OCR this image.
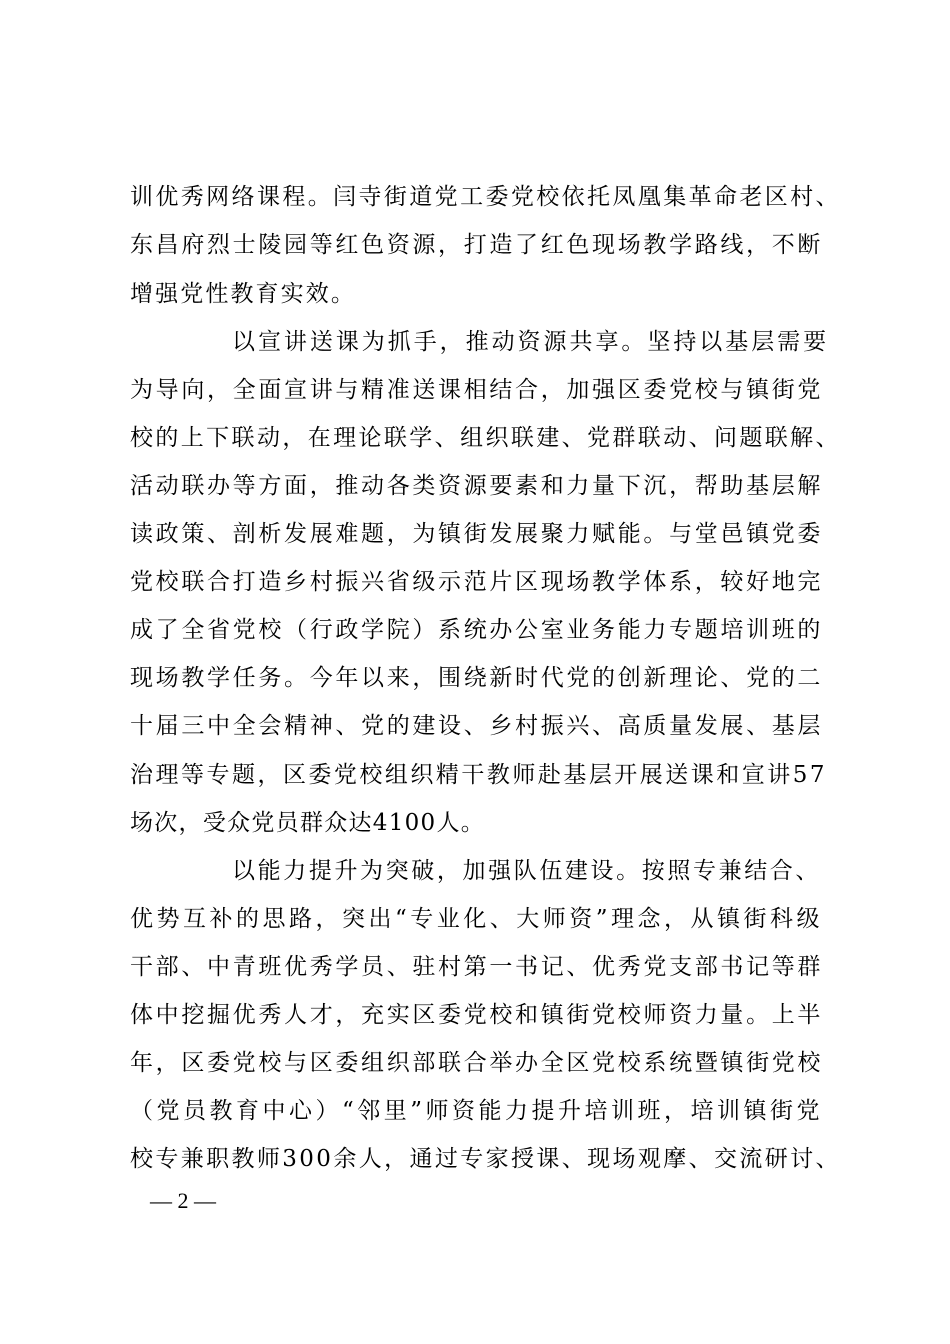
训优秀网络课程。闫寺街道党工委党校依托凤凰集革命老区村、
东昌府烈士陵园等红色资源，打造了红色现场教学路线，不断
增强党性教育实效。
以宣讲送课为抓手，推动资源共享。坚持以基层需要
为导向，全面宣讲与精准送课相结合，加强区委党校与镇街党
校的上下联动，在理论联学、组织联建、党群联动、问题联解、
活动联办等方面，推动各类资源要素和力量下沉，帮助基层解
读政策、剖析发展难题，为镇街发展聚力赋能。与堂邑镇党委
党校联合打造乡村振兴省级示范片区现场教学体系，较好地完
成了全省党校（行政学院）系统办公室业务能力专题培训班的
现场教学任务。今年以来，围绕新时代党的创新理论、党的二
十届三中全会精神、党的建设、乡村振兴、高质量发展、基层
治理等专题，区委党校组织精干教师赴基层开展送课和宣讲57
场次，受众党员群众达4100人。
以能力提升为突破，加强队伍建设。按照专兼结合、
优势互补的思路，突出“专业化、大师资”理念，从镇街科级
干部、中青班优秀学员、驻村第一书记、优秀党支部书记等群
体中挖掘优秀人才，充实区委党校和镇街党校师资力量。上半
年，区委党校与区委组织部联合举办全区党校系统暨镇街党校
（党员教育中心）“邻里”师资能力提升培训班，培训镇街党
校专兼职教师300余人，通过专家授课、现场观摩、交流研讨、
— 2 —
